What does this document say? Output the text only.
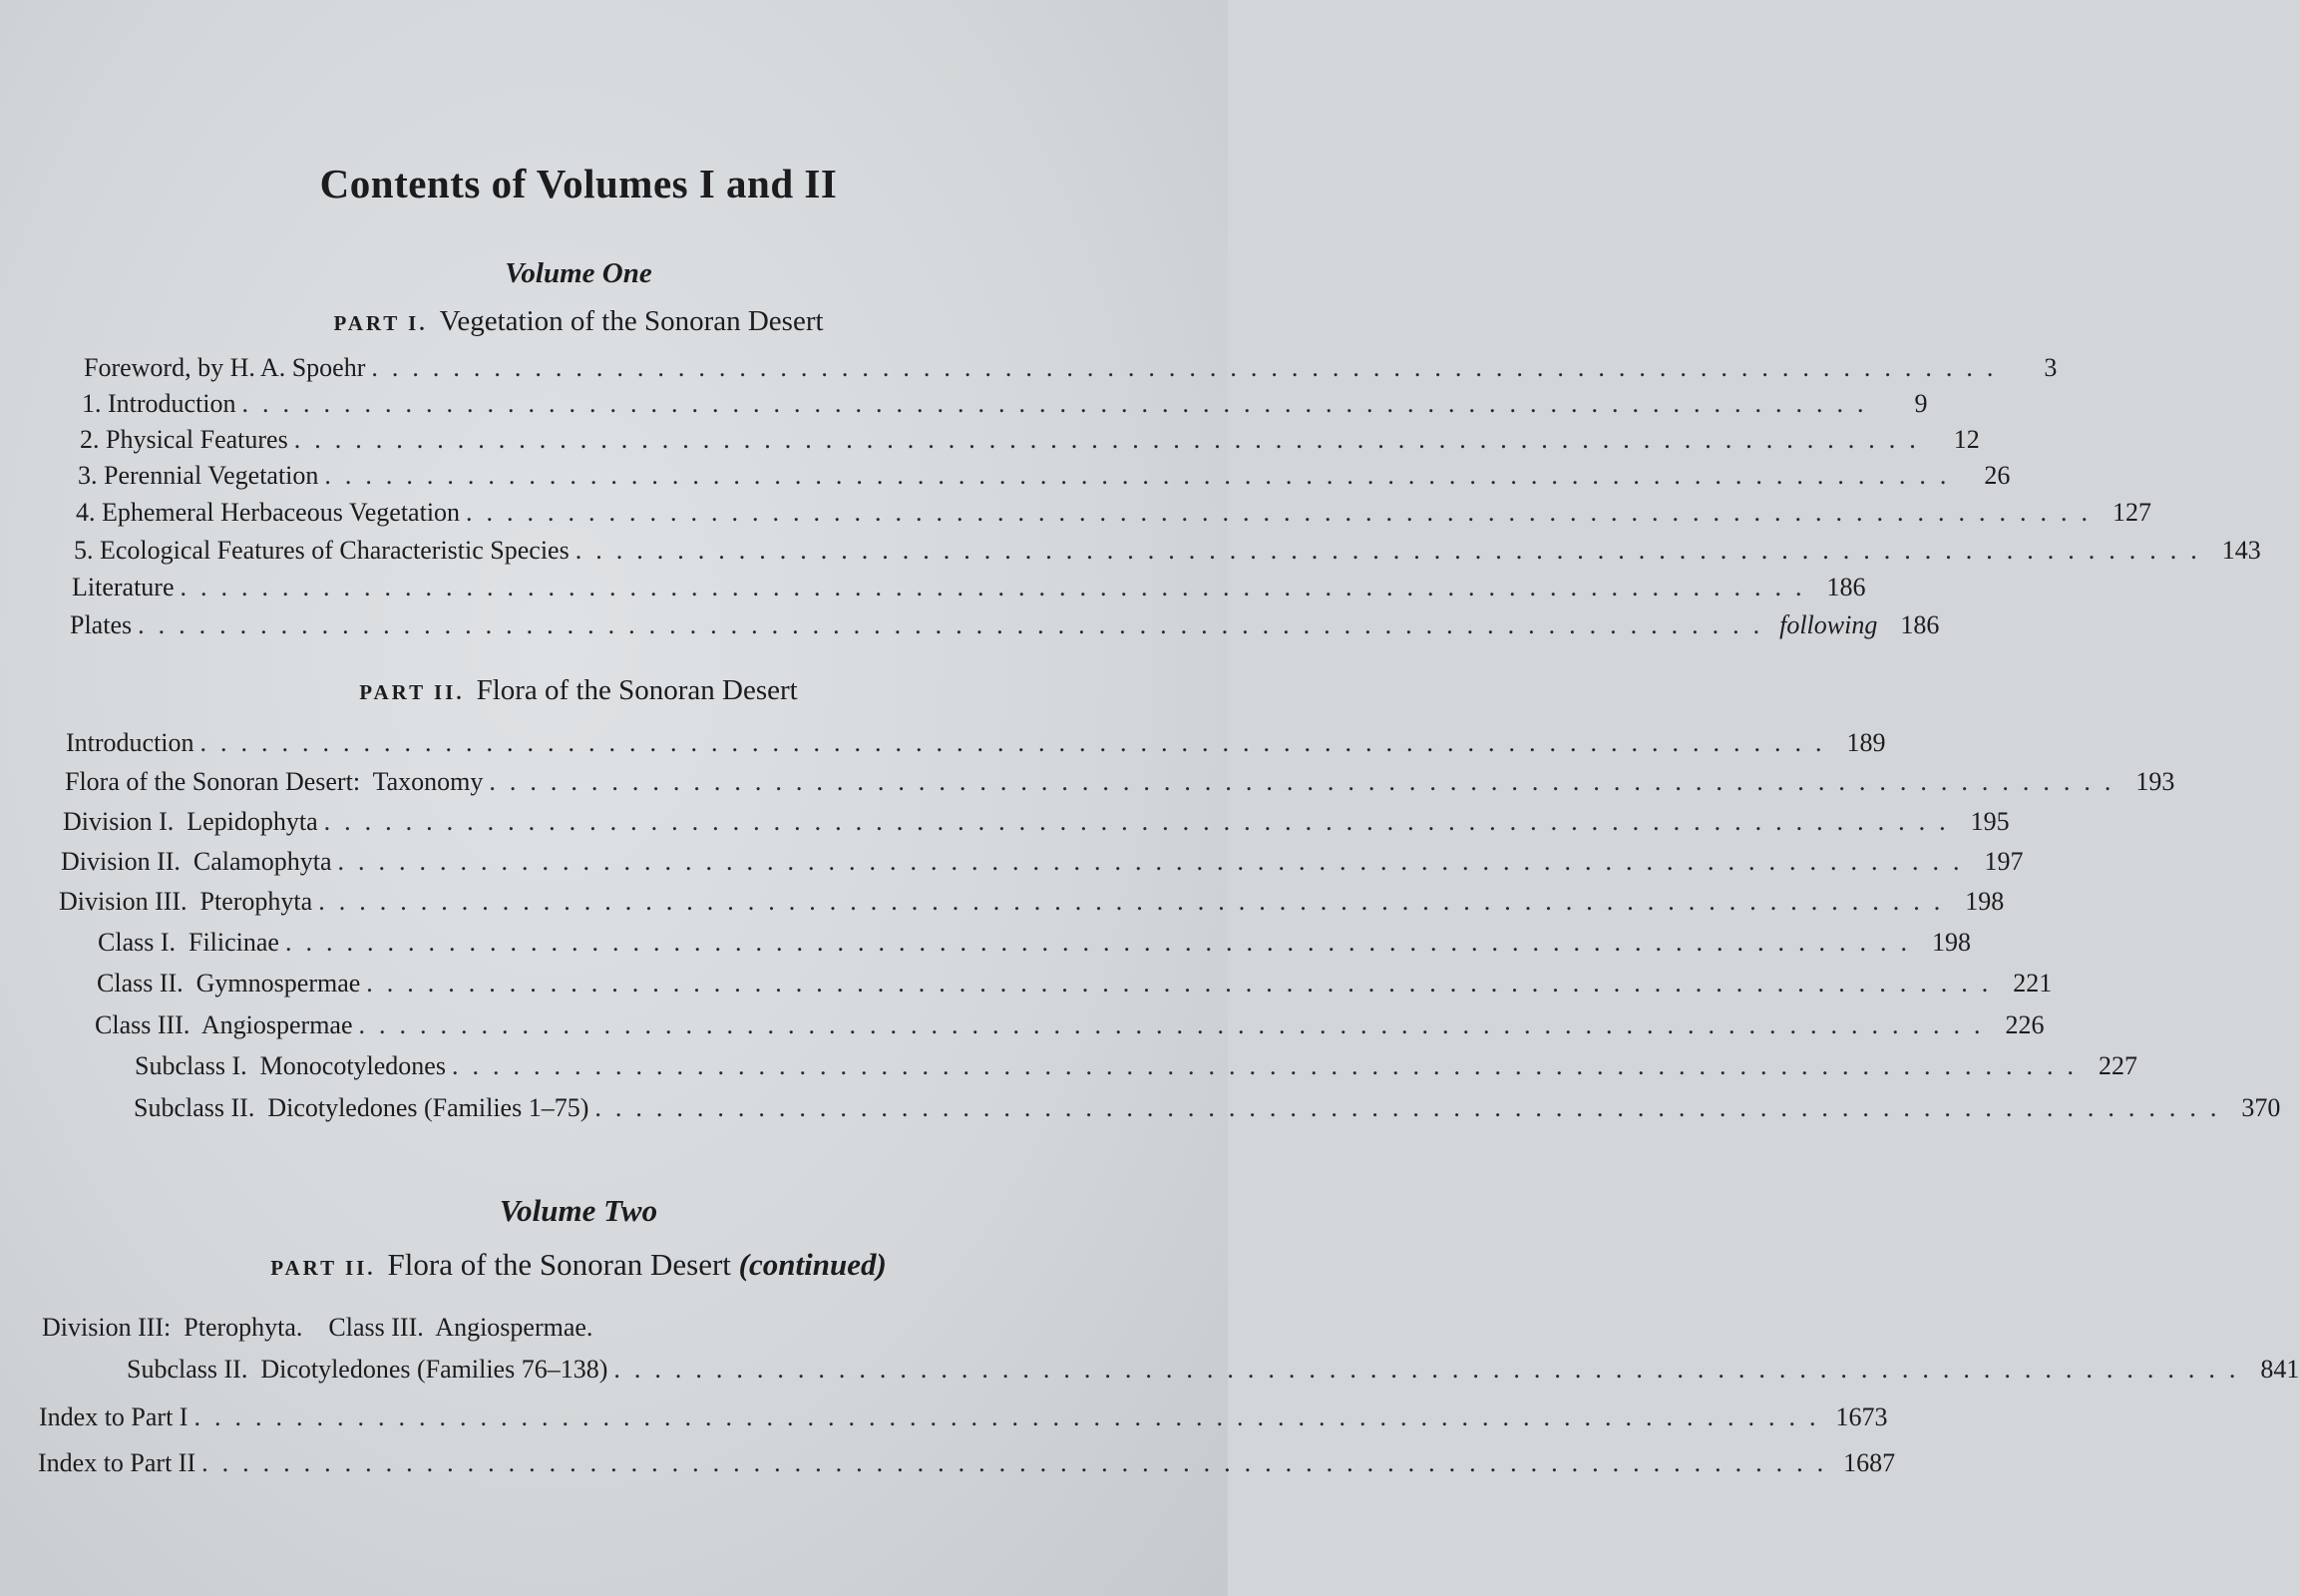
Contents of Volumes I and II
Volume One
PART I. Vegetation of the Sonoran Desert
Foreword, by H. A. Spoehr ................................................................................	3
1. Introduction ................................................................................	9
2. Physical Features ................................................................................ 12
3. Perennial Vegetation ................................................................................ 26
4. Ephemeral Herbaceous Vegetation ................................................................................ 127
5. Ecological Features of Characteristic Species ................................................................................ 143
Literature ................................................................................ 186
Plates ................................................................................ following 186
PART II. Flora of the Sonoran Desert
Introduction ................................................................................ 189
Flora of the Sonoran Desert:  Taxonomy ................................................................................ 193
Division I.  Lepidophyta ................................................................................ 195
Division II.  Calamophyta ................................................................................ 197
Division III.  Pterophyta ................................................................................ 198
Class I.  Filicinae ................................................................................ 198
Class II.  Gymnospermae ................................................................................ 221
Class III.  Angiospermae ................................................................................ 226
Subclass I.  Monocotyledones ................................................................................ 227
Subclass II.  Dicotyledones (Families 1–75) ................................................................................ 370
Volume Two
PART II. Flora of the Sonoran Desert (continued)
Division III:  Pterophyta.    Class III.  Angiospermae.
Subclass II.  Dicotyledones (Families 76–138) ................................................................................ 841
Index to Part I ................................................................................ 1673
Index to Part II ................................................................................ 1687
